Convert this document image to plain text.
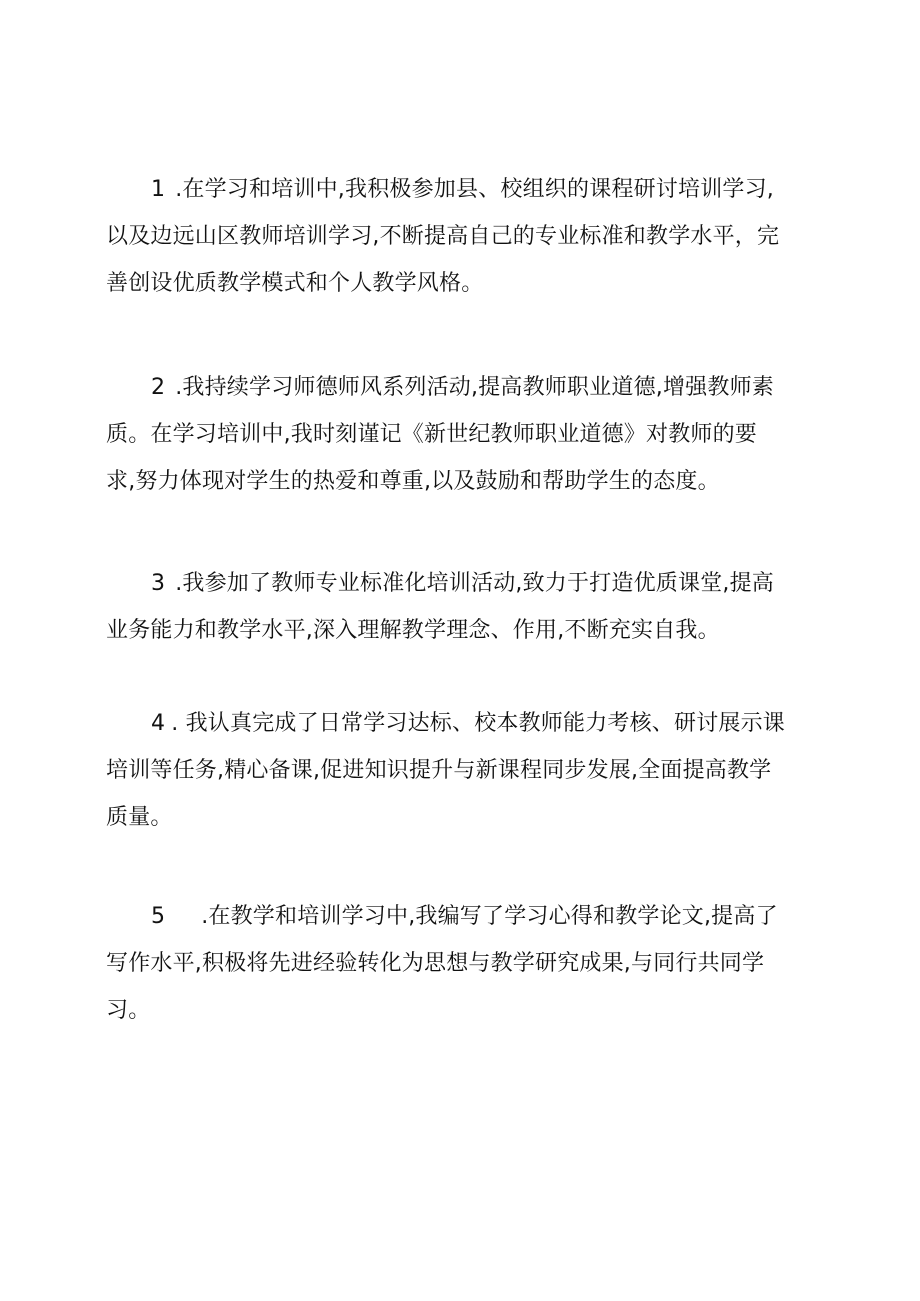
1 .在学习和培训中,我积极参加县、校组织的课程研讨培训学习,
以及边远山区教师培训学习,不断提高自己的专业标准和教学水平，完
善创设优质教学模式和个人教学风格。

2 .我持续学习师德师风系列活动,提高教师职业道德,增强教师素
质。在学习培训中,我时刻谨记《新世纪教师职业道德》对教师的要
求,努力体现对学生的热爱和尊重,以及鼓励和帮助学生的态度。

3 .我参加了教师专业标准化培训活动,致力于打造优质课堂,提高
业务能力和教学水平,深入理解教学理念、作用,不断充实自我。

4 . 我认真完成了日常学习达标、校本教师能力考核、研讨展示课
培训等任务,精心备课,促进知识提升与新课程同步发展,全面提高教学
质量。

5 .在教学和培训学习中,我编写了学习心得和教学论文,提高了
写作水平,积极将先进经验转化为思想与教学研究成果,与同行共同学
习。
